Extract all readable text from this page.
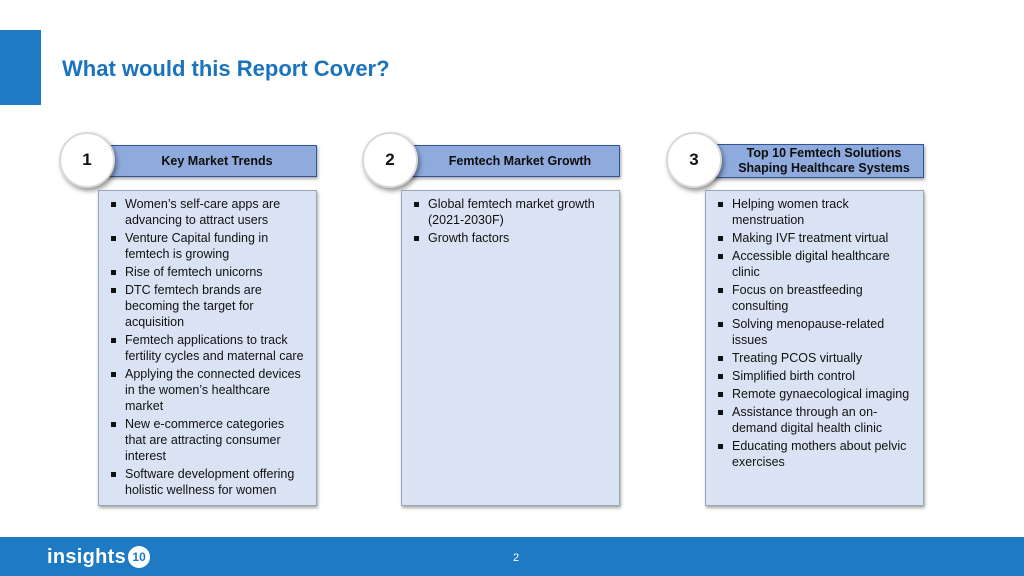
What would this Report Cover?
Key Market Trends
1
Women’s self-care apps are advancing to attract users
Venture Capital funding in femtech is growing
Rise of femtech unicorns
DTC femtech brands are becoming the target for acquisition
Femtech applications to track fertility cycles and maternal care
Applying the connected devices in the women’s healthcare market
New e-commerce categories that are attracting consumer interest
Software development offering holistic wellness for women
Femtech Market Growth
2
Global femtech market growth (2021-2030F)
Growth factors
Top 10 Femtech Solutions Shaping Healthcare Systems
3
Helping women track menstruation
Making IVF treatment virtual
Accessible digital healthcare clinic
Focus on breastfeeding consulting
Solving menopause-related issues
Treating PCOS virtually
Simplified birth control
Remote gynaecological imaging
Assistance through an on-demand digital health clinic
Educating mothers about pelvic exercises
insights 10	2
